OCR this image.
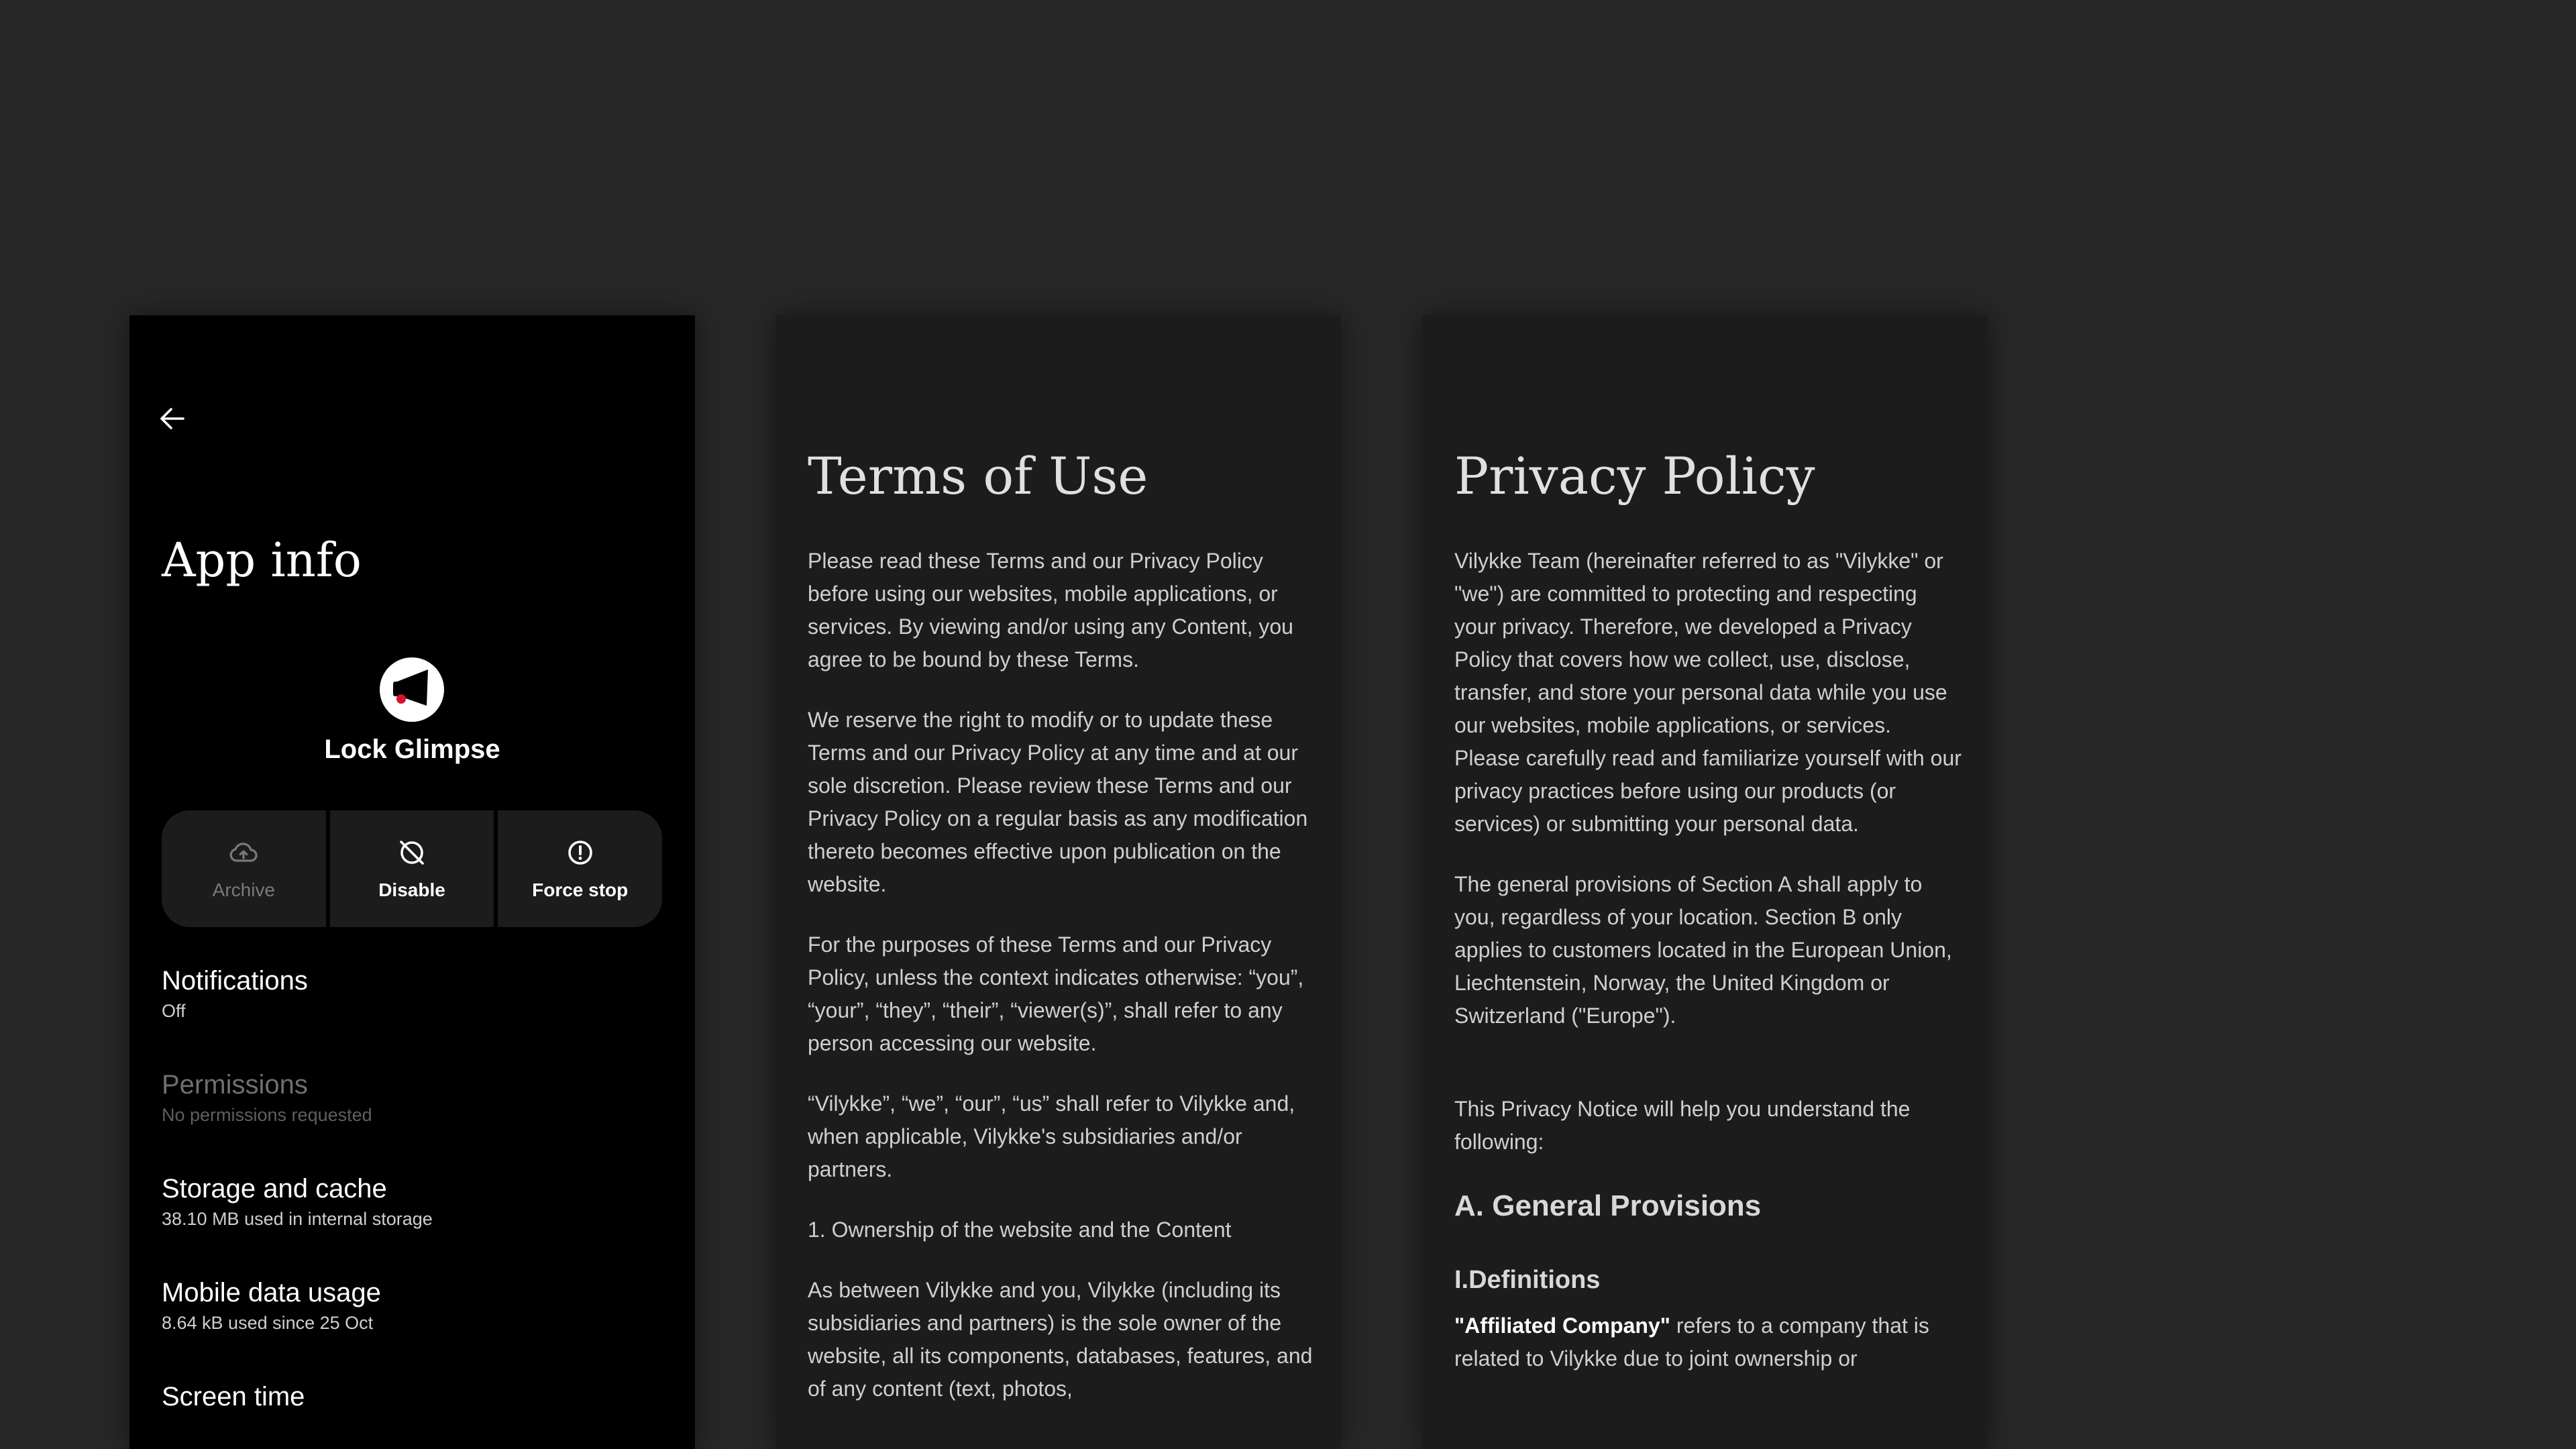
App info
Lock Glimpse
Archive	Disable	Force stop
Notifications
Off
Permissions
No permissions requested
Storage and cache
38.10 MB used in internal storage
Mobile data usage
8.64 kB used since 25 Oct
Screen time
Terms of Use

Please read these Terms and our Privacy Policy before using our websites, mobile applications, or services. By viewing and/or using any Content, you agree to be bound by these Terms.

We reserve the right to modify or to update these Terms and our Privacy Policy at any time and at our sole discretion. Please review these Terms and our Privacy Policy on a regular basis as any modification thereto becomes effective upon publication on the website.

For the purposes of these Terms and our Privacy Policy, unless the context indicates otherwise: “you”, “your”, “they”, “their”, “viewer(s)”, shall refer to any person accessing our website.

“Vilykke”, “we”, “our”, “us” shall refer to Vilykke and, when applicable, Vilykke's subsidiaries and/or partners.

1. Ownership of the website and the Content

As between Vilykke and you, Vilykke (including its subsidiaries and partners) is the sole owner of the website, all its components, databases, features, and of any content (text, photos,

Privacy Policy

Vilykke Team (hereinafter referred to as "Vilykke" or "we") are committed to protecting and respecting your privacy. Therefore, we developed a Privacy Policy that covers how we collect, use, disclose, transfer, and store your personal data while you use our websites, mobile applications, or services. Please carefully read and familiarize yourself with our privacy practices before using our products (or services) or submitting your personal data.

The general provisions of Section A shall apply to you, regardless of your location. Section B only applies to customers located in the European Union, Liechtenstein, Norway, the United Kingdom or Switzerland ("Europe").

This Privacy Notice will help you understand the following:

A. General Provisions
I.Definitions

"Affiliated Company" refers to a company that is related to Vilykke due to joint ownership or
